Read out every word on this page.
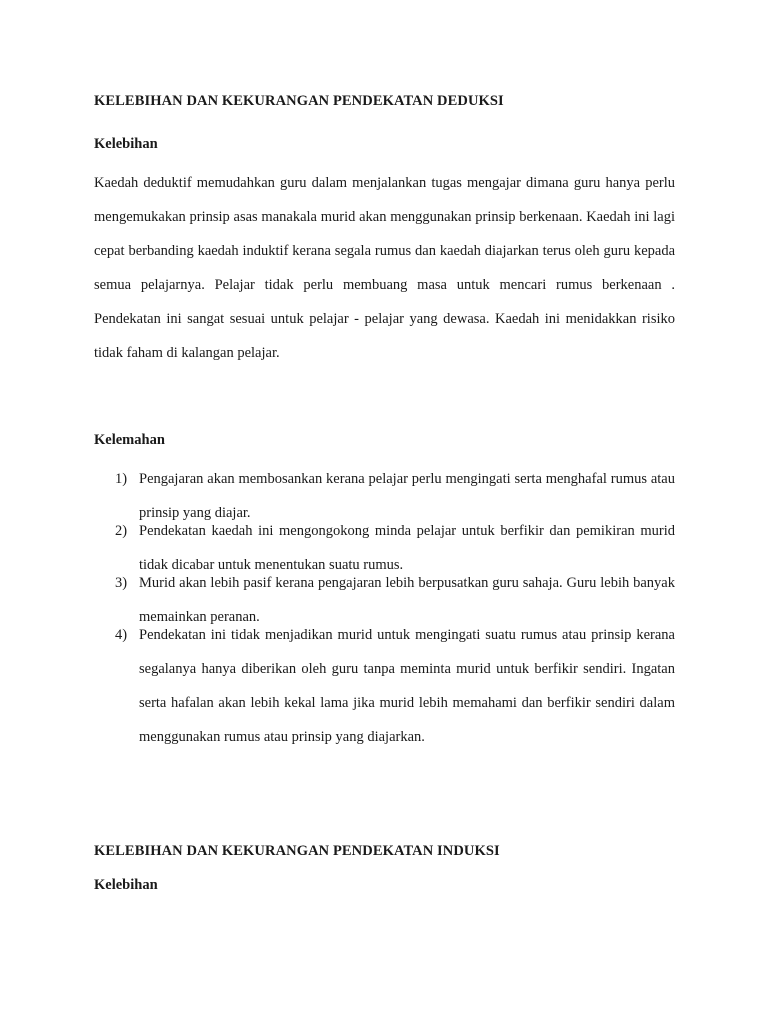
KELEBIHAN DAN KEKURANGAN PENDEKATAN DEDUKSI
Kelebihan
Kaedah deduktif memudahkan guru dalam menjalankan tugas mengajar dimana guru hanya perlu mengemukakan prinsip asas manakala murid akan menggunakan prinsip berkenaan. Kaedah ini lagi cepat berbanding kaedah induktif kerana segala rumus dan kaedah diajarkan terus oleh guru kepada semua pelajarnya. Pelajar tidak perlu membuang masa untuk mencari rumus berkenaan . Pendekatan ini sangat sesuai untuk pelajar - pelajar yang dewasa. Kaedah ini menidakkan risiko tidak faham di kalangan pelajar.
Kelemahan
1) Pengajaran akan membosankan kerana pelajar perlu mengingati serta menghafal rumus atau prinsip yang diajar.
2) Pendekatan kaedah ini mengongokong minda pelajar untuk berfikir dan pemikiran murid tidak dicabar untuk menentukan suatu rumus.
3) Murid akan lebih pasif kerana pengajaran lebih berpusatkan guru sahaja. Guru lebih banyak memainkan peranan.
4) Pendekatan ini tidak menjadikan murid untuk mengingati suatu rumus atau prinsip kerana segalanya hanya diberikan oleh guru tanpa meminta murid untuk berfikir sendiri. Ingatan serta hafalan akan lebih kekal lama jika murid lebih memahami dan berfikir sendiri dalam menggunakan rumus atau prinsip yang diajarkan.
KELEBIHAN DAN KEKURANGAN PENDEKATAN INDUKSI
Kelebihan
